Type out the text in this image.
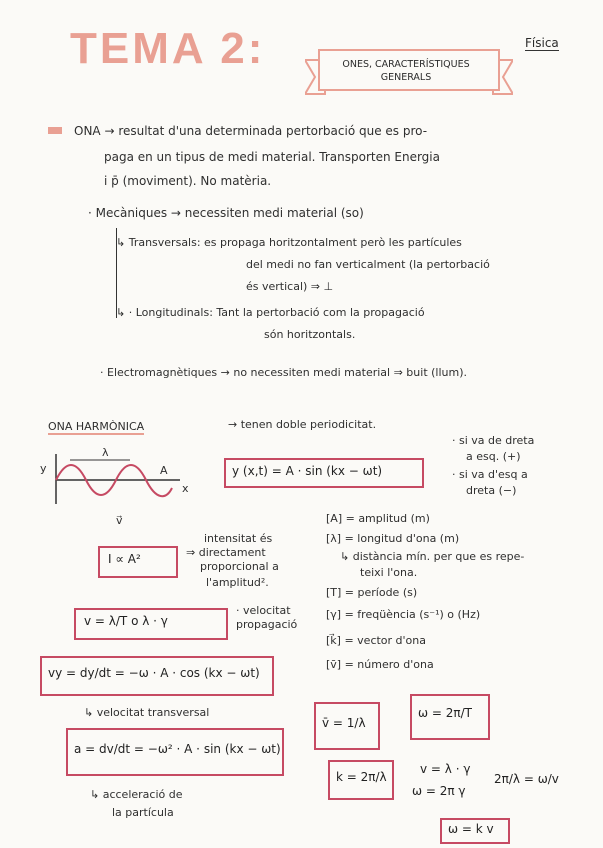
TEMA 2:	Física
ONES, CARACTERÍSTIQUES
GENERALS
ONA → resultat d'una determinada pertorbació que es pro-
paga en un tipus de medi material. Transporten Energia
i p̄ (moviment). No matèria.
· Mecàniques → necessiten medi material (so)
↳ Transversals: es propaga horitzontalment però les partícules
del medi no fan verticalment (la pertorbació
és vertical) ⇒ ⊥
↳ · Longitudinals: Tant la pertorbació com la propagació
són horitzontals.
· Electromagnètiques → no necessiten medi material ⇒ buit (llum).
ONA HARMÒNICA	→ tenen doble periodicitat.
· si va de dreta
a esq. (+)
· si va d'esq a
dreta (−)
y
x
λ
A
v⃗
y (x,t) = A · sin (kx − ωt)
I ∝ A²
intensitat és
⇒ directament
proporcional a
l'amplitud².
[A] = amplitud (m)
[λ] = longitud d'ona (m)
↳ distància mín. per que es repe-
teixi l'ona.
[T] = període (s)
[γ] = freqüència (s⁻¹) o (Hz)
[k⃗] = vector d'ona
[v̄] = número d'ona
v = λ/T o λ · γ
· velocitat
propagació
vy = dy/dt = −ω · A · cos (kx − ωt)
↳ velocitat transversal
a = dv/dt = −ω² · A · sin (kx − ωt)
↳ acceleració de
la partícula
v̄ = 1/λ
ω = 2π/T
k = 2π/λ
v = λ · γ
ω = 2π γ
2π/λ = ω/v
ω = k v
